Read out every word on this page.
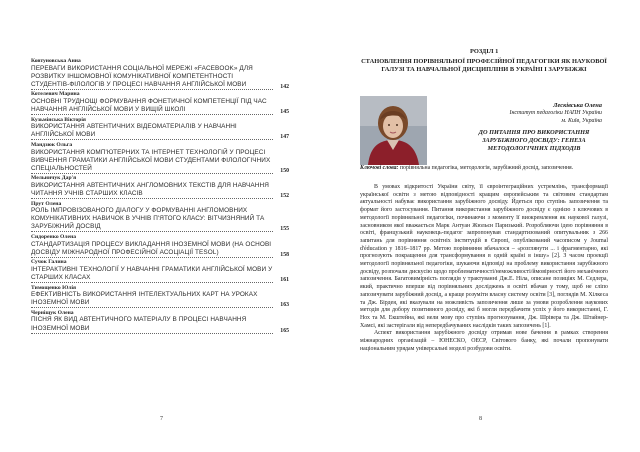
Ковтуновська Анна
ПЕРЕВАГИ ВИКОРИСТАННЯ СОЦІАЛЬНОЇ МЕРЕЖІ «FACEBOOK» ДЛЯ РОЗВИТКУ ІНШОМОВНОЇ КОМУНІКАТИВНОЇ КОМПЕТЕНТНОСТІ СТУДЕНТІВ-ФІЛОЛОГІВ У ПРОЦЕСІ НАВЧАННЯ АНГЛІЙСЬКОЇ МОВИ	142
Котелевич Марина
ОСНОВНІ ТРУДНОЩІ ФОРМУВАННЯ ФОНЕТИЧНОЇ КОМПЕТЕНЦІЇ ПІД ЧАС НАВЧАННЯ АНГЛІЙСЬКОЇ МОВИ У ВИЩІЙ ШКОЛІ	145
Кузьмінська Вікторія
ВИКОРИСТАННЯ АВТЕНТИЧНИХ ВІДЕОМАТЕРІАЛІВ У НАВЧАННІ АНГЛІЙСЬКОЇ МОВИ	147
Мандзюк Ольга
ВИКОРИСТАННЯ КОМП'ЮТЕРНИХ ТА ІНТЕРНЕТ ТЕХНОЛОГІЙ У ПРОЦЕСІ ВИВЧЕННЯ ГРАМАТИКИ АНГЛІЙСЬКОЇ МОВИ СТУДЕНТАМИ ФІЛОЛОГІЧНИХ СПЕЦІАЛЬНОСТЕЙ	150
Мельничук Дар'я
ВИКОРИСТАННЯ АВТЕНТИЧНИХ АНГЛОМОВНИХ ТЕКСТІВ ДЛЯ НАВЧАННЯ ЧИТАННЯ УЧНІВ СТАРШИХ КЛАСІВ	152
Прут Олена
РОЛЬ ІМПРОВІЗОВАНОГО ДІАЛОГУ У ФОРМУВАННІ АНГЛОМОВНИХ КОМУНІКАТИВНИХ НАВИЧОК В УЧНІВ П'ЯТОГО КЛАСУ: ВІТЧИЗНЯНИЙ ТА ЗАРУБІЖНИЙ ДОСВІД	155
Сидоренко Олена
СТАНДАРТИЗАЦІЯ ПРОЦЕСУ ВИКЛАДАННЯ ІНОЗЕМНОЇ МОВИ (НА ОСНОВІ ДОСВІДУ МІЖНАРОДНОЇ ПРОФЕСІЙНОЇ АСОЦІАЦІЇ TESOL)	158
Сучок Галина
ІНТЕРАКТИВНІ ТЕХНОЛОГІЇ У НАВЧАННІ ГРАМАТИКИ АНГЛІЙСЬКОЇ МОВИ У СТАРШИХ КЛАСАХ	161
Тимощенко Юлія
ЕФЕКТИВНІСТЬ ВИКОРИСТАННЯ ІНТЕЛЕКТУАЛЬНИХ КАРТ НА УРОКАХ ІНОЗЕМНОЇ МОВИ	163
Черніщук Олена
ПІСНЯ ЯК ВИД АВТЕНТИЧНОГО МАТЕРІАЛУ В ПРОЦЕСІ НАВЧАННЯ ІНОЗЕМНОЇ МОВИ	165
7
РОЗДІЛ 1
СТАНОВЛЕННЯ ПОРІВНЯЛЬНОЇ ПРОФЕСІЙНОЇ ПЕДАГОГІКИ ЯК НАУКОВОЇ ГАЛУЗІ ТА НАВЧАЛЬНОЇ ДИСЦИПЛІНИ В УКРАЇНІ І ЗАРУБІЖЖІ
Лесківська Олена
Інститут педагогіки НАПН України
м. Київ, Україна
ДО ПИТАННЯ ПРО ВИКОРИСТАННЯ ЗАРУБІЖНОГО ДОСВІДУ: ГЕНЕЗА МЕТОДОЛОГІЧНИХ ПІДХОДІВ
Ключові слова: порівняльна педагогіка, методологія, зарубіжний досвід, запозичення.

В умовах відкритості України світу, її євроінтеграційних устремлінь, трансформації української освіти з метою відповідності кращим європейським та світовим стандартам актуальності набуває використання зарубіжного досвіду. Йдеться про ступінь запозичення та формат його застосування. Питання використання зарубіжного досвіду є однією з ключових в методології порівняльної педагогіки, починаючи з моменту її виокремлення як наукової галузі, засновником якої вважається Марк Антуан Жюльєн Паризький. Розробляючи ідею порівняння в освіті, французький науковець-педагог запропонував стандартизований опитувальник з 266 запитань для порівняння освітніх інституцій в Європі, опублікований часописом у Journal d'éducation у 1816–1817 рр. Метою порівняння вбачалося – «розглянути ... і фрагментарно, які прогнозують покращення для трансформування в одній країні в іншу» [2]. З часом проекції методології порівняльної педагогіки, шукаючи відповіді на проблему використання зарубіжного досвіду, розпочали дискусію щодо проблематичності/неможливості/ймовірності його механічного запозичення. Багатовимірність поглядів у трактуванні Дж.Е. Ніла, описане позиціях М. Седлера, який, практично вперше від порівняльних досліджень в освіті вбачав у тому, щоб не сліпо запозичувати зарубіжний досвід, а краще розуміти власну систему освіти [3], поглядів М. Хілкеса та Дж. Бірдея, які вказували на можливість запозичення лише за умови розроблення наукових методів для добору позитивного досвіду, які б могли передбачити успіх у його використанні, Г. Нох та М. Екштейна, які вели мову про ступінь прогнозування, Дж. Шрівера та Дж. Штайнер-Хамсі, які застерігали від непередбачуваних наслідків таких запозичень [1].

Аспект використання зарубіжного досвіду отримав нове бачення в рамках створення міжнародних організацій – ЮНЕСКО, ОЕСР, Світового банку, які почали пропонувати національним урядам універсальні моделі розбудови освіти.

8
